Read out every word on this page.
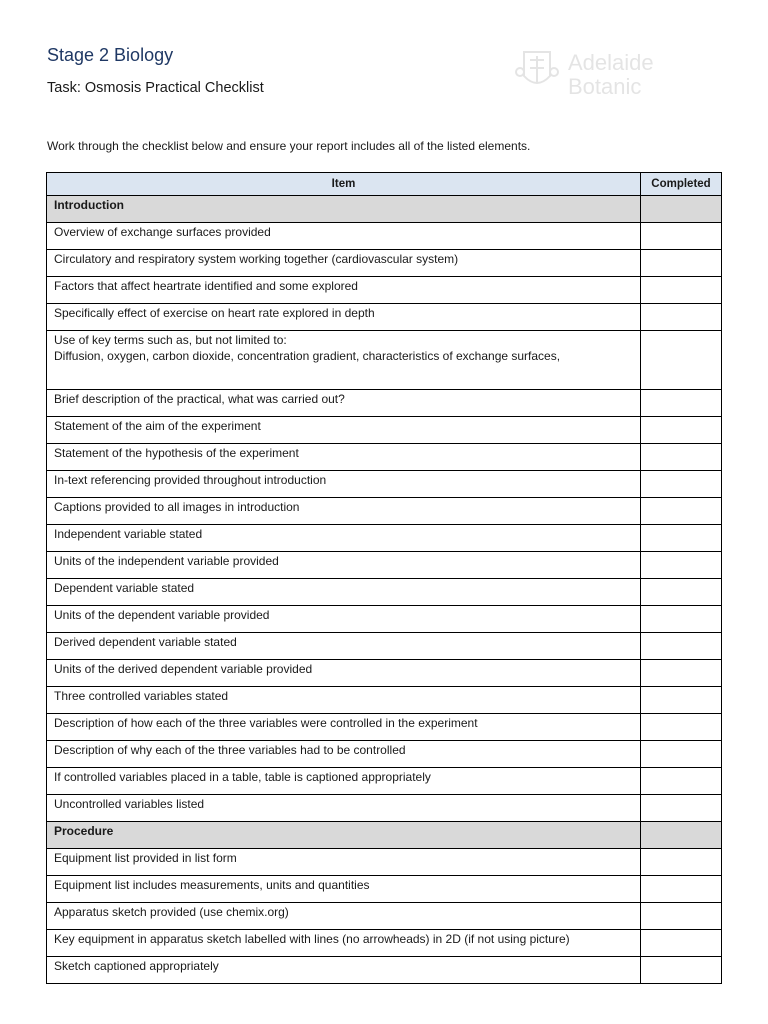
Stage 2 Biology
Task: Osmosis Practical Checklist
Adelaide
Botanic

Work through the checklist below and ensure your report includes all of the listed elements.

Item	Completed
Introduction	
Overview of exchange surfaces provided	
Circulatory and respiratory system working together (cardiovascular system)	
Factors that affect heartrate identified and some explored	
Specifically effect of exercise on heart rate explored in depth	
Use of key terms such as, but not limited to:
Diffusion, oxygen, carbon dioxide, concentration gradient, characteristics of exchange surfaces,	
Brief description of the practical, what was carried out?	
Statement of the aim of the experiment	
Statement of the hypothesis of the experiment	
In-text referencing provided throughout introduction	
Captions provided to all images in introduction	
Independent variable stated	
Units of the independent variable provided	
Dependent variable stated	
Units of the dependent variable provided	
Derived dependent variable stated	
Units of the derived dependent variable provided	
Three controlled variables stated	
Description of how each of the three variables were controlled in the experiment	
Description of why each of the three variables had to be controlled	
If controlled variables placed in a table, table is captioned appropriately	
Uncontrolled variables listed	
Procedure	
Equipment list provided in list form	
Equipment list includes measurements, units and quantities	
Apparatus sketch provided (use chemix.org)	
Key equipment in apparatus sketch labelled with lines (no arrowheads) in 2D (if not using picture)	
Sketch captioned appropriately	
